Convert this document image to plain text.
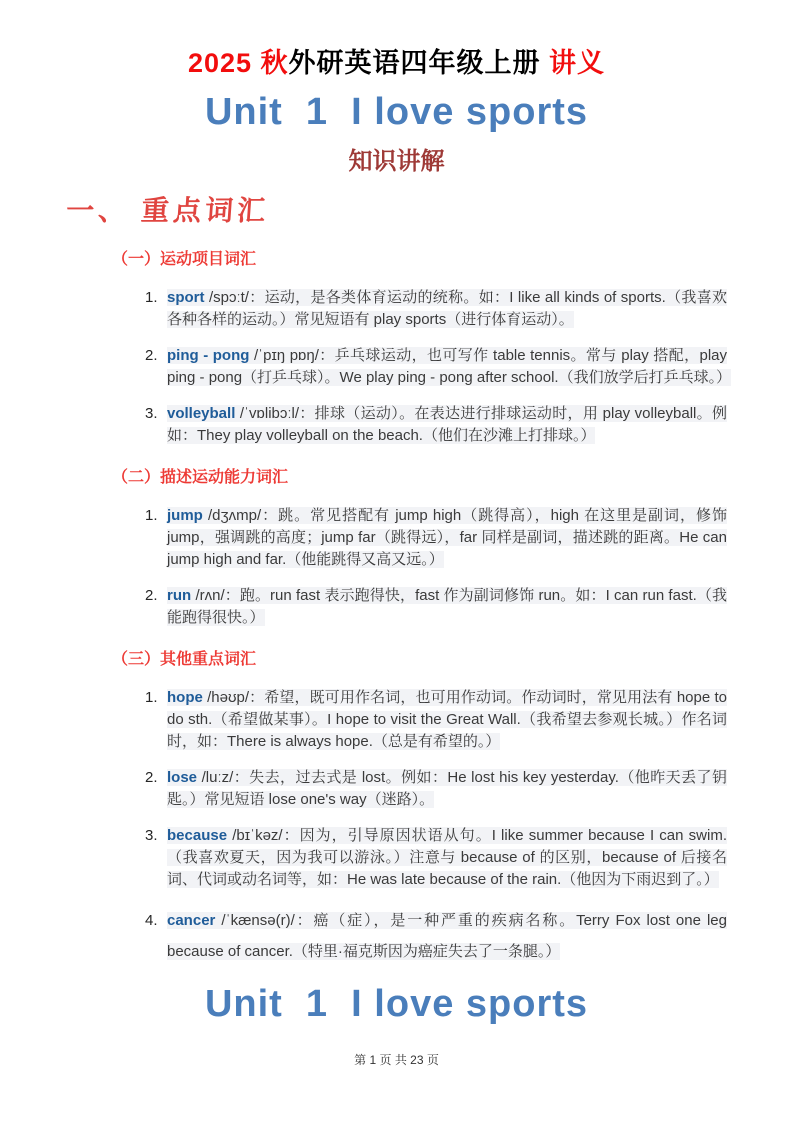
2025 秋外研英语四年级上册 讲义
Unit  1  I love sports
知识讲解
一、 重点词汇
（一）运动项目词汇
1. sport /spɔːt/：运动，是各类体育运动的统称。如：I like all kinds of sports.（我喜欢各种各样的运动。）常见短语有 play sports（进行体育运动）。

2. ping - pong /ˈpɪŋ pɒŋ/：乒乓球运动，也可写作 table tennis。常与 play 搭配，play ping - pong（打乒乓球）。We play ping - pong after school.（我们放学后打乒乓球。）

3. volleyball /ˈvɒlibɔːl/：排球（运动）。在表达进行排球运动时，用 play volleyball。例如：They play volleyball on the beach.（他们在沙滩上打排球。）

（二）描述运动能力词汇
1. jump /dʒʌmp/：跳。常见搭配有 jump high（跳得高），high 在这里是副词，修饰 jump，强调跳的高度；jump far（跳得远），far 同样是副词，描述跳的距离。He can jump high and far.（他能跳得又高又远。）

2. run /rʌn/：跑。run fast 表示跑得快，fast 作为副词修饰 run。如：I can run fast.（我能跑得很快。）

（三）其他重点词汇
1. hope /həʊp/：希望，既可用作名词，也可用作动词。作动词时，常见用法有 hope to do sth.（希望做某事）。I hope to visit the Great Wall.（我希望去参观长城。）作名词时，如：There is always hope.（总是有希望的。）

2. lose /luːz/：失去，过去式是 lost。例如：He lost his key yesterday.（他昨天丢了钥匙。）常见短语 lose one's way（迷路）。

3. because /bɪˈkəz/：因为，引导原因状语从句。I like summer because I can swim.（我喜欢夏天，因为我可以游泳。）注意与 because of 的区别，because of 后接名词、代词或动名词等，如：He was late because of the rain.（他因为下雨迟到了。）

4. cancer /ˈkænsə(r)/：癌（症），是一种严重的疾病名称。Terry Fox lost one leg because of cancer.（特里·福克斯因为癌症失去了一条腿。）

Unit  1  I love sports
第 1 页 共 23 页
